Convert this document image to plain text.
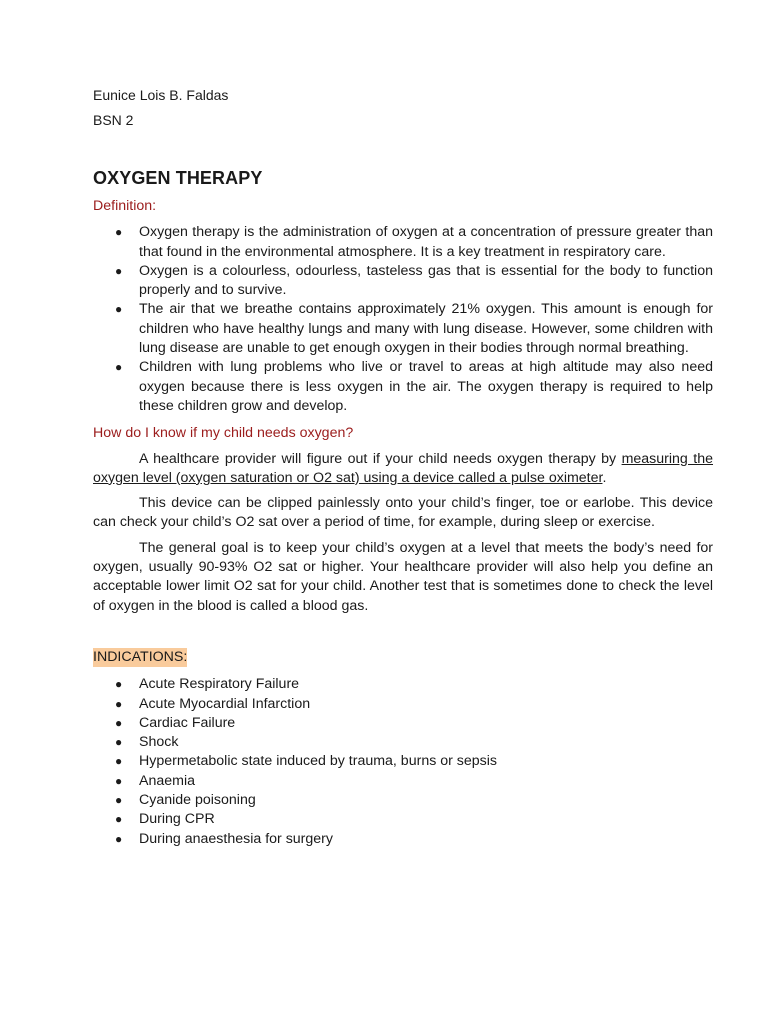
Eunice Lois B. Faldas

BSN 2

OXYGEN THERAPY

Definition:

● Oxygen therapy is the administration of oxygen at a concentration of pressure greater than that found in the environmental atmosphere. It is a key treatment in respiratory care.
● Oxygen is a colourless, odourless, tasteless gas that is essential for the body to function properly and to survive.
● The air that we breathe contains approximately 21% oxygen. This amount is enough for children who have healthy lungs and many with lung disease. However, some children with lung disease are unable to get enough oxygen in their bodies through normal breathing.
● Children with lung problems who live or travel to areas at high altitude may also need oxygen because there is less oxygen in the air. The oxygen therapy is required to help these children grow and develop.

How do I know if my child needs oxygen?

A healthcare provider will figure out if your child needs oxygen therapy by measuring the oxygen level (oxygen saturation or O2 sat) using a device called a pulse oximeter.

This device can be clipped painlessly onto your child’s finger, toe or earlobe. This device can check your child’s O2 sat over a period of time, for example, during sleep or exercise.

The general goal is to keep your child’s oxygen at a level that meets the body’s need for oxygen, usually 90-93% O2 sat or higher. Your healthcare provider will also help you define an acceptable lower limit O2 sat for your child. Another test that is sometimes done to check the level of oxygen in the blood is called a blood gas.

INDICATIONS:
● Acute Respiratory Failure
● Acute Myocardial Infarction
● Cardiac Failure
● Shock
● Hypermetabolic state induced by trauma, burns or sepsis
● Anaemia
● Cyanide poisoning
● During CPR
● During anaesthesia for surgery
